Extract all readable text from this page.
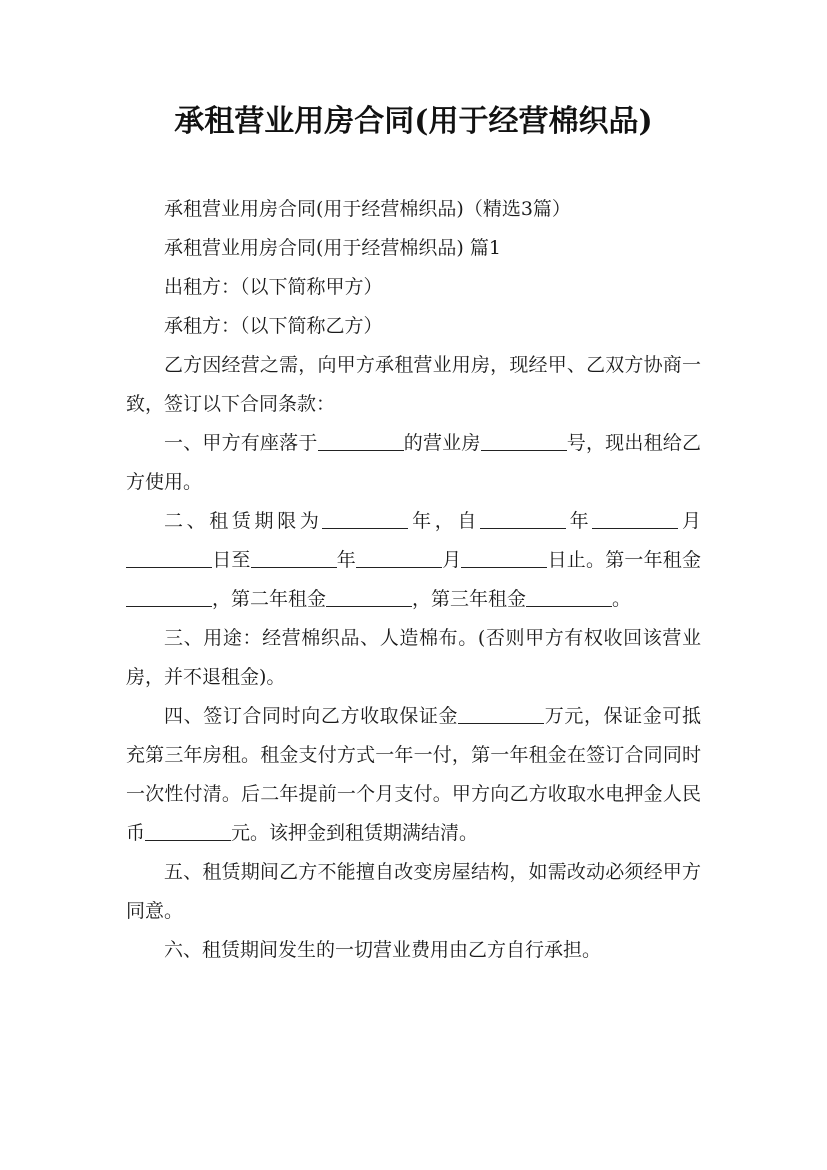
承租营业用房合同(用于经营棉织品)

承租营业用房合同(用于经营棉织品)（精选3篇）

承租营业用房合同(用于经营棉织品) 篇1

出租方：（以下简称甲方）

承租方：（以下简称乙方）

乙方因经营之需，向甲方承租营业用房，现经甲、乙双方协商一致，签订以下合同条款：

一、甲方有座落于	的营业房	号，现出租给乙方使用。

二、租赁期限为	年，自	年	月日至	年	月	日止。第一年租金，第二年租金	，第三年租金	。

三、用途：经营棉织品、人造棉布。(否则甲方有权收回该营业房，并不退租金)。

四、签订合同时向乙方收取保证金	万元，保证金可抵充第三年房租。租金支付方式一年一付，第一年租金在签订合同同时一次性付清。后二年提前一个月支付。甲方向乙方收取水电押金人民币	元。该押金到租赁期满结清。

五、租赁期间乙方不能擅自改变房屋结构，如需改动必须经甲方同意。

六、租赁期间发生的一切营业费用由乙方自行承担。
